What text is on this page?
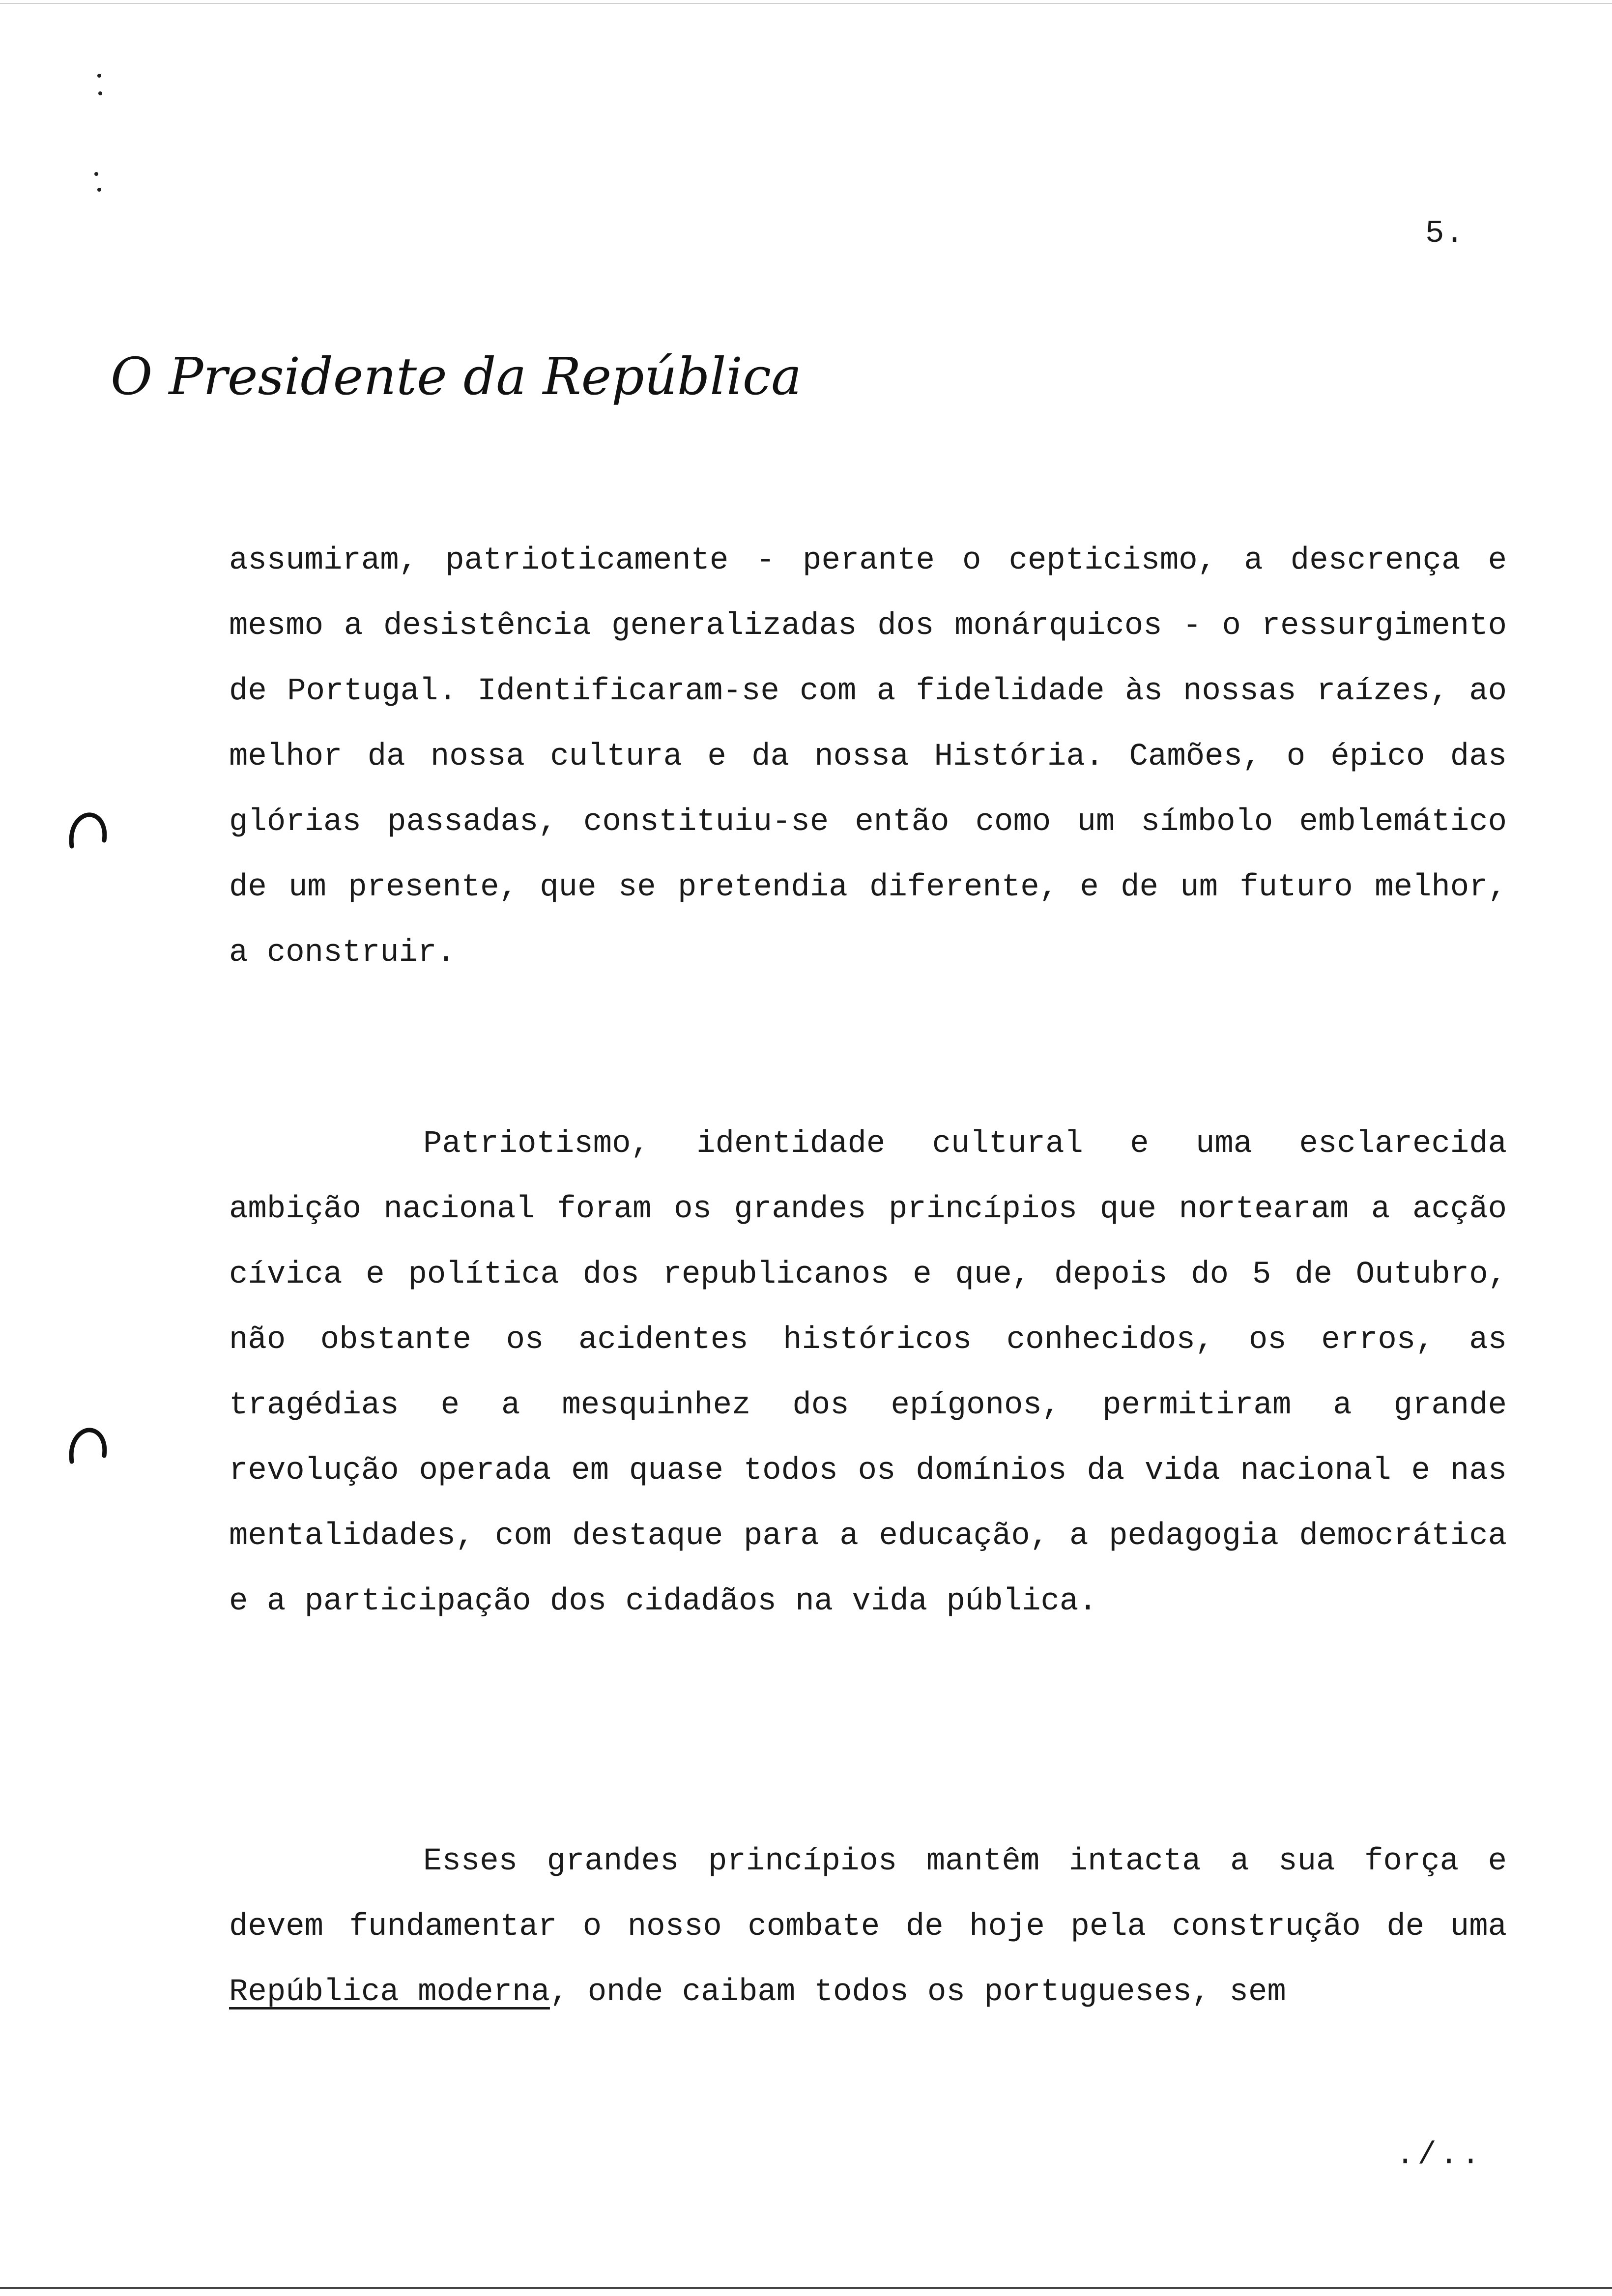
5.
O Presidente da República

assumiram, patrioticamente - perante o cepticismo, a descrença e mesmo a desistência generalizadas dos monárquicos - o ressurgimento de Portugal. Identificaram-se com a fidelidade às nossas raízes, ao melhor da nossa cultura e da nossa História. Camões, o épico das glórias passadas, constituiu-se então como um símbolo emblemático de um presente, que se pretendia diferente, e de um futuro melhor, a construir.

Patriotismo, identidade cultural e uma esclarecida ambição nacional foram os grandes princípios que nortearam a acção cívica e política dos republicanos e que, depois do 5 de Outubro, não obstante os acidentes históricos conhecidos, os erros, as tragédias e a mesquinhez dos epígonos, permitiram a grande revolução operada em quase todos os domínios da vida nacional e nas mentalidades, com destaque para a educação, a pedagogia democrática e a participação dos cidadãos na vida pública.

Esses grandes princípios mantêm intacta a sua força e devem fundamentar o nosso combate de hoje pela construção de uma República moderna, onde caibam todos os portugueses, sem

./..
